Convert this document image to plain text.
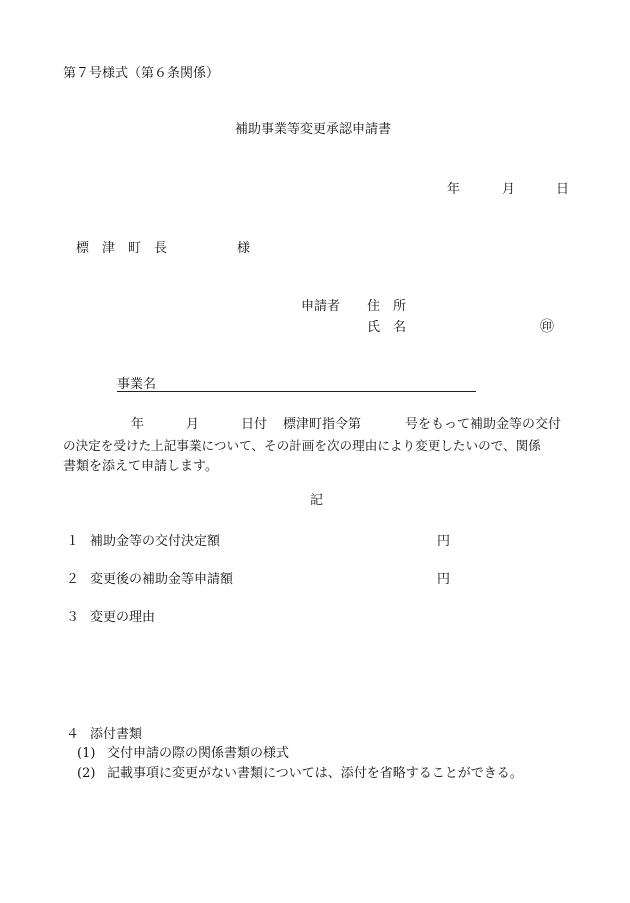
第７号様式（第６条関係）
補助事業等変更承認申請書
年	月	日
標　津　町　長	様
申請者 住　所
氏　名	㊞
事業名
年	月	日付 標津町指令第	号をもって補助金等の交付
の決定を受けた上記事業について、その計画を次の理由により変更したいので、関係
書類を添えて申請します。
記
１ 補助金等の交付決定額	円
２ 変更後の補助金等申請額	円
３ 変更の理由
４ 添付書類
(1) 交付申請の際の関係書類の様式
(2) 記載事項に変更がない書類については、添付を省略することができる。
